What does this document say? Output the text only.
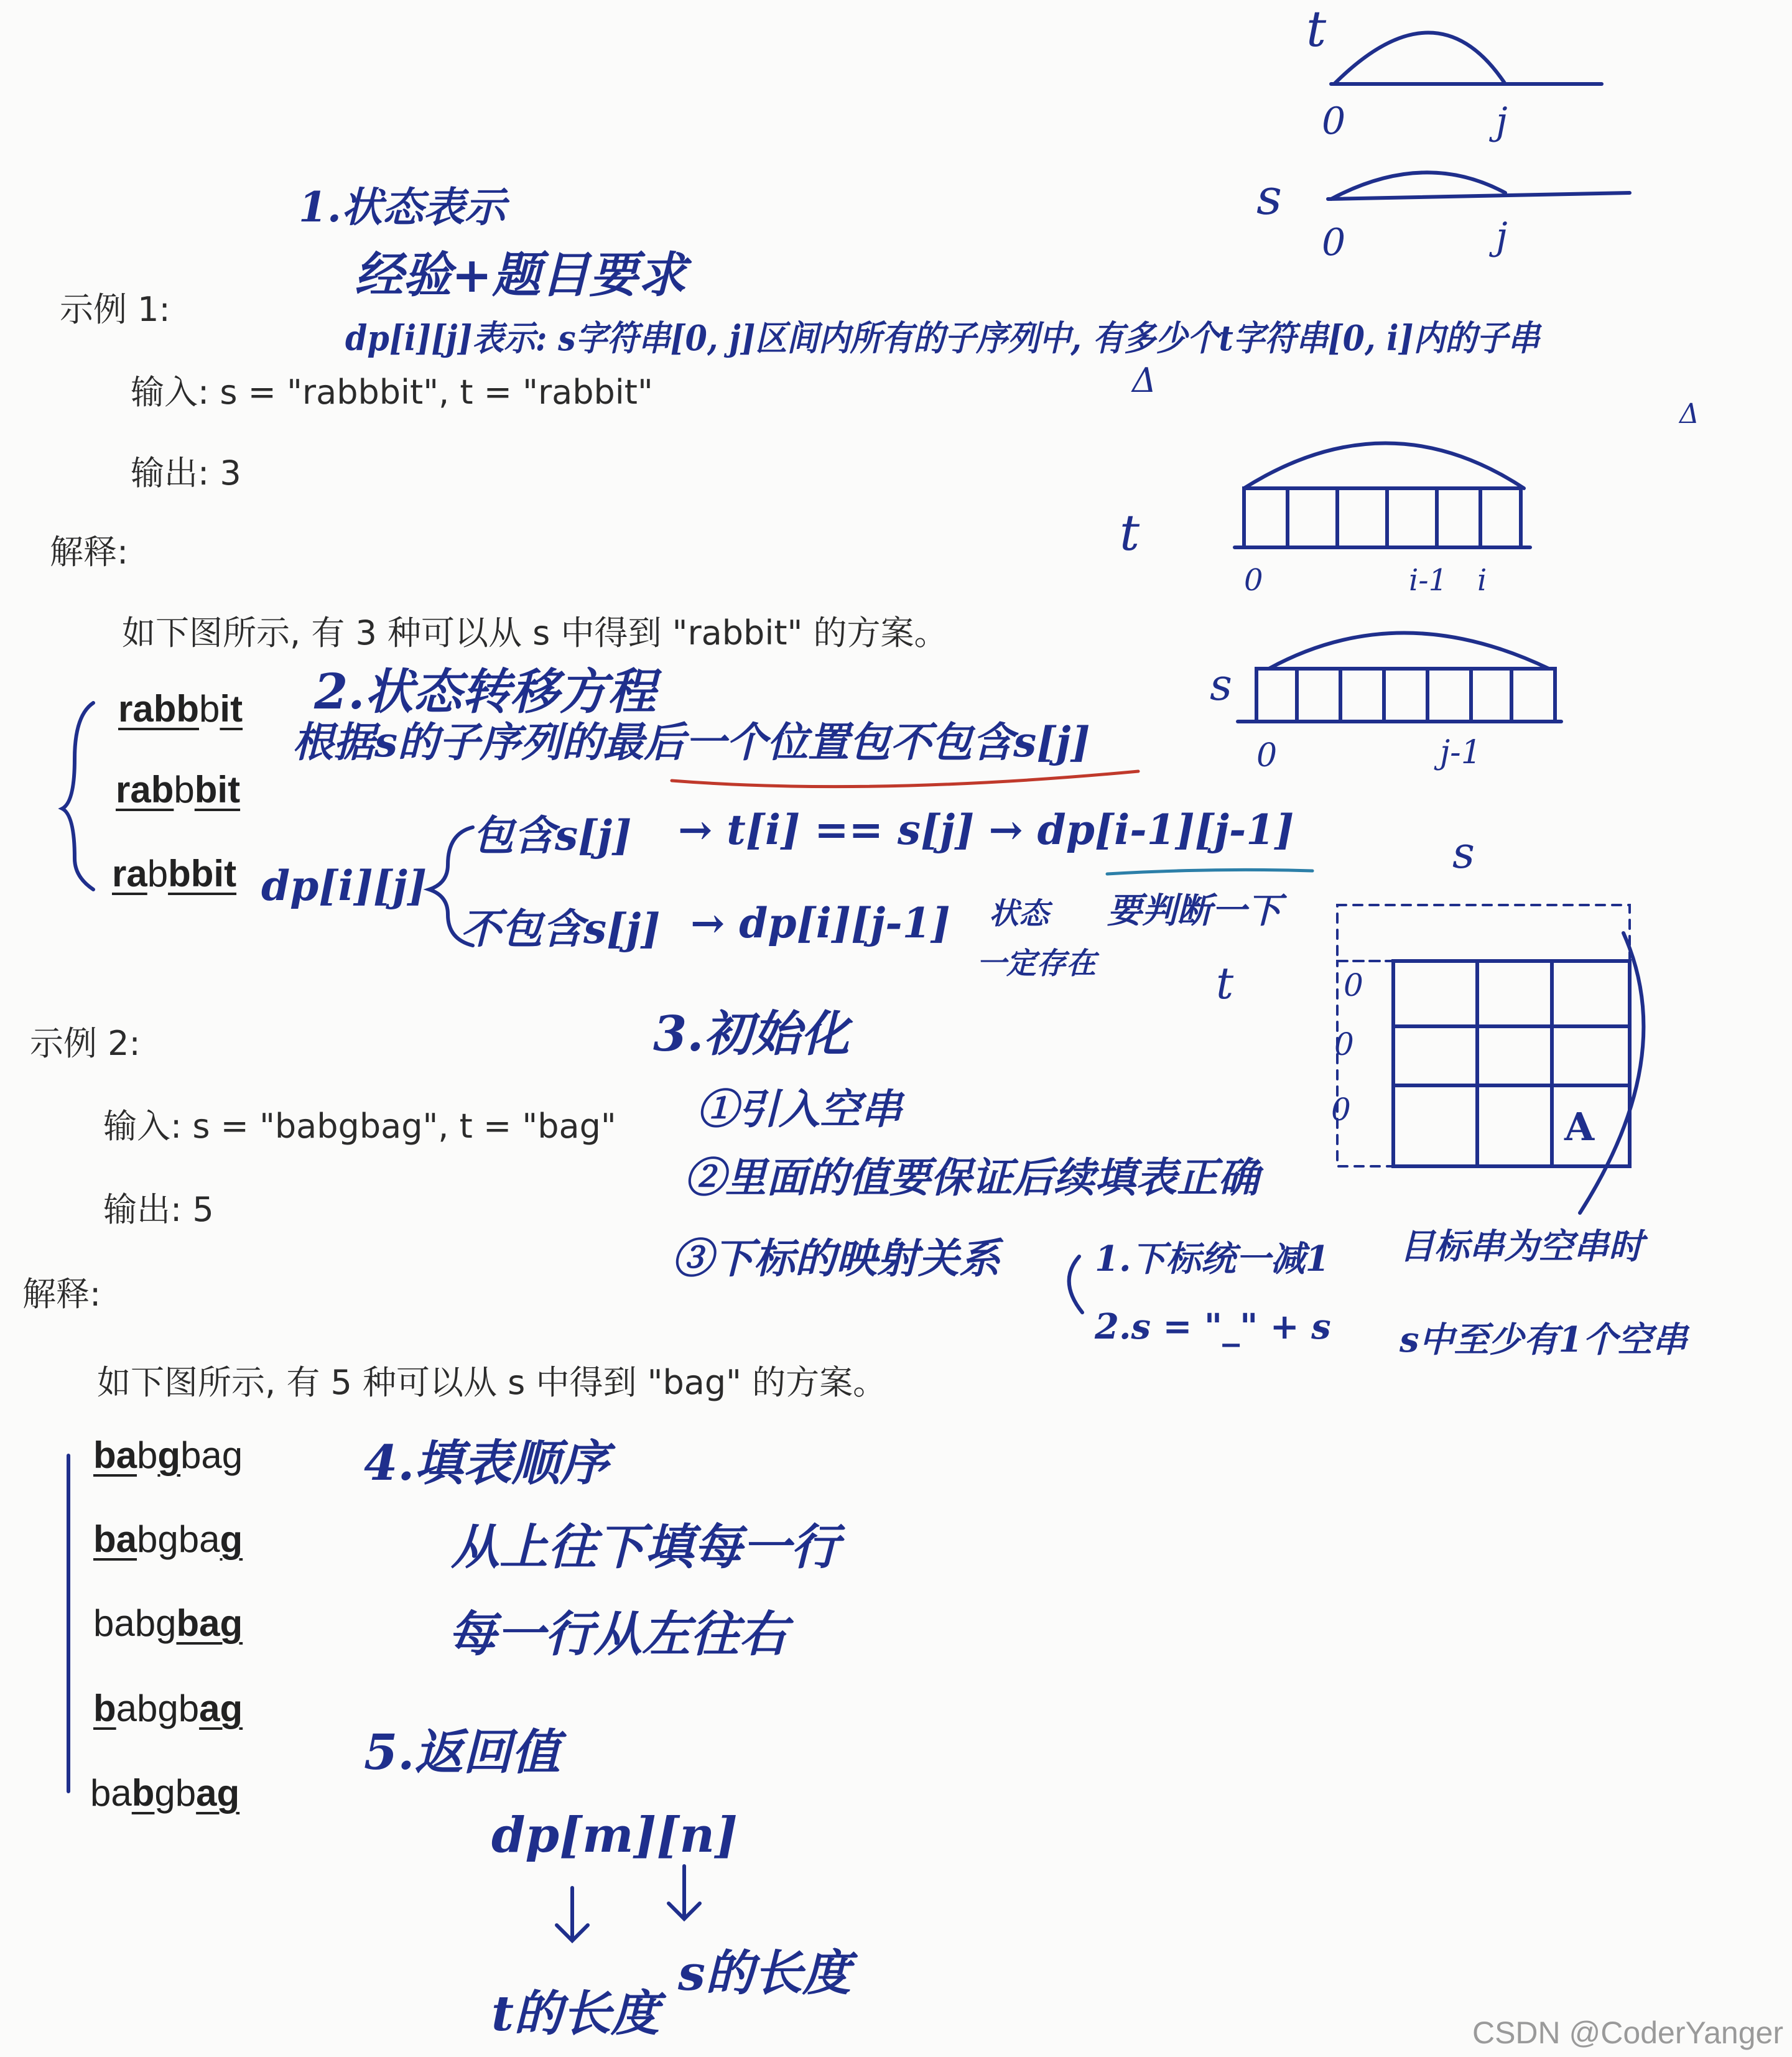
示例 1:
输入: s = "rabbbit", t = "rabbit"
输出: 3
解释:
如下图所示, 有 3 种可以从 s 中得到 "rabbit" 的方案。
rabbbit
rabbbit
rabbbit
示例 2:
输入: s = "babgbag", t = "bag"
输出: 5
解释:
如下图所示, 有 5 种可以从 s 中得到 "bag" 的方案。
babgbag
babgbag
babgbag
babgbag
babgbag
1.状态表示
经验+题目要求
dp[i][j]表示: s字符串[0, j]区间内所有的子序列中, 有多少个t字符串[0, i]内的子串
2.状态转移方程
根据s的子序列的最后一个位置包不包含s[j]
dp[i][j]
包含s[j] → t[i] == s[j] → dp[i-1][j-1]
不包含s[j] → dp[i][j-1] 状态
一定存在
要判断一下
3.初始化
①引入空串
②里面的值要保证后续填表正确
③下标的映射关系	1.下标统一减1
2.s = "_" + s
目标串为空串时
s中至少有1个空串
4.填表顺序
从上往下填每一行
每一行从左往右
5.返回值
dp[m][n]
t的长度
s的长度
t
0	j
s
0	j
t
0	i-1 i
s
0	j-1
s
t	0
0
0	A
Δ
Δ
CSDN @CoderYanger
